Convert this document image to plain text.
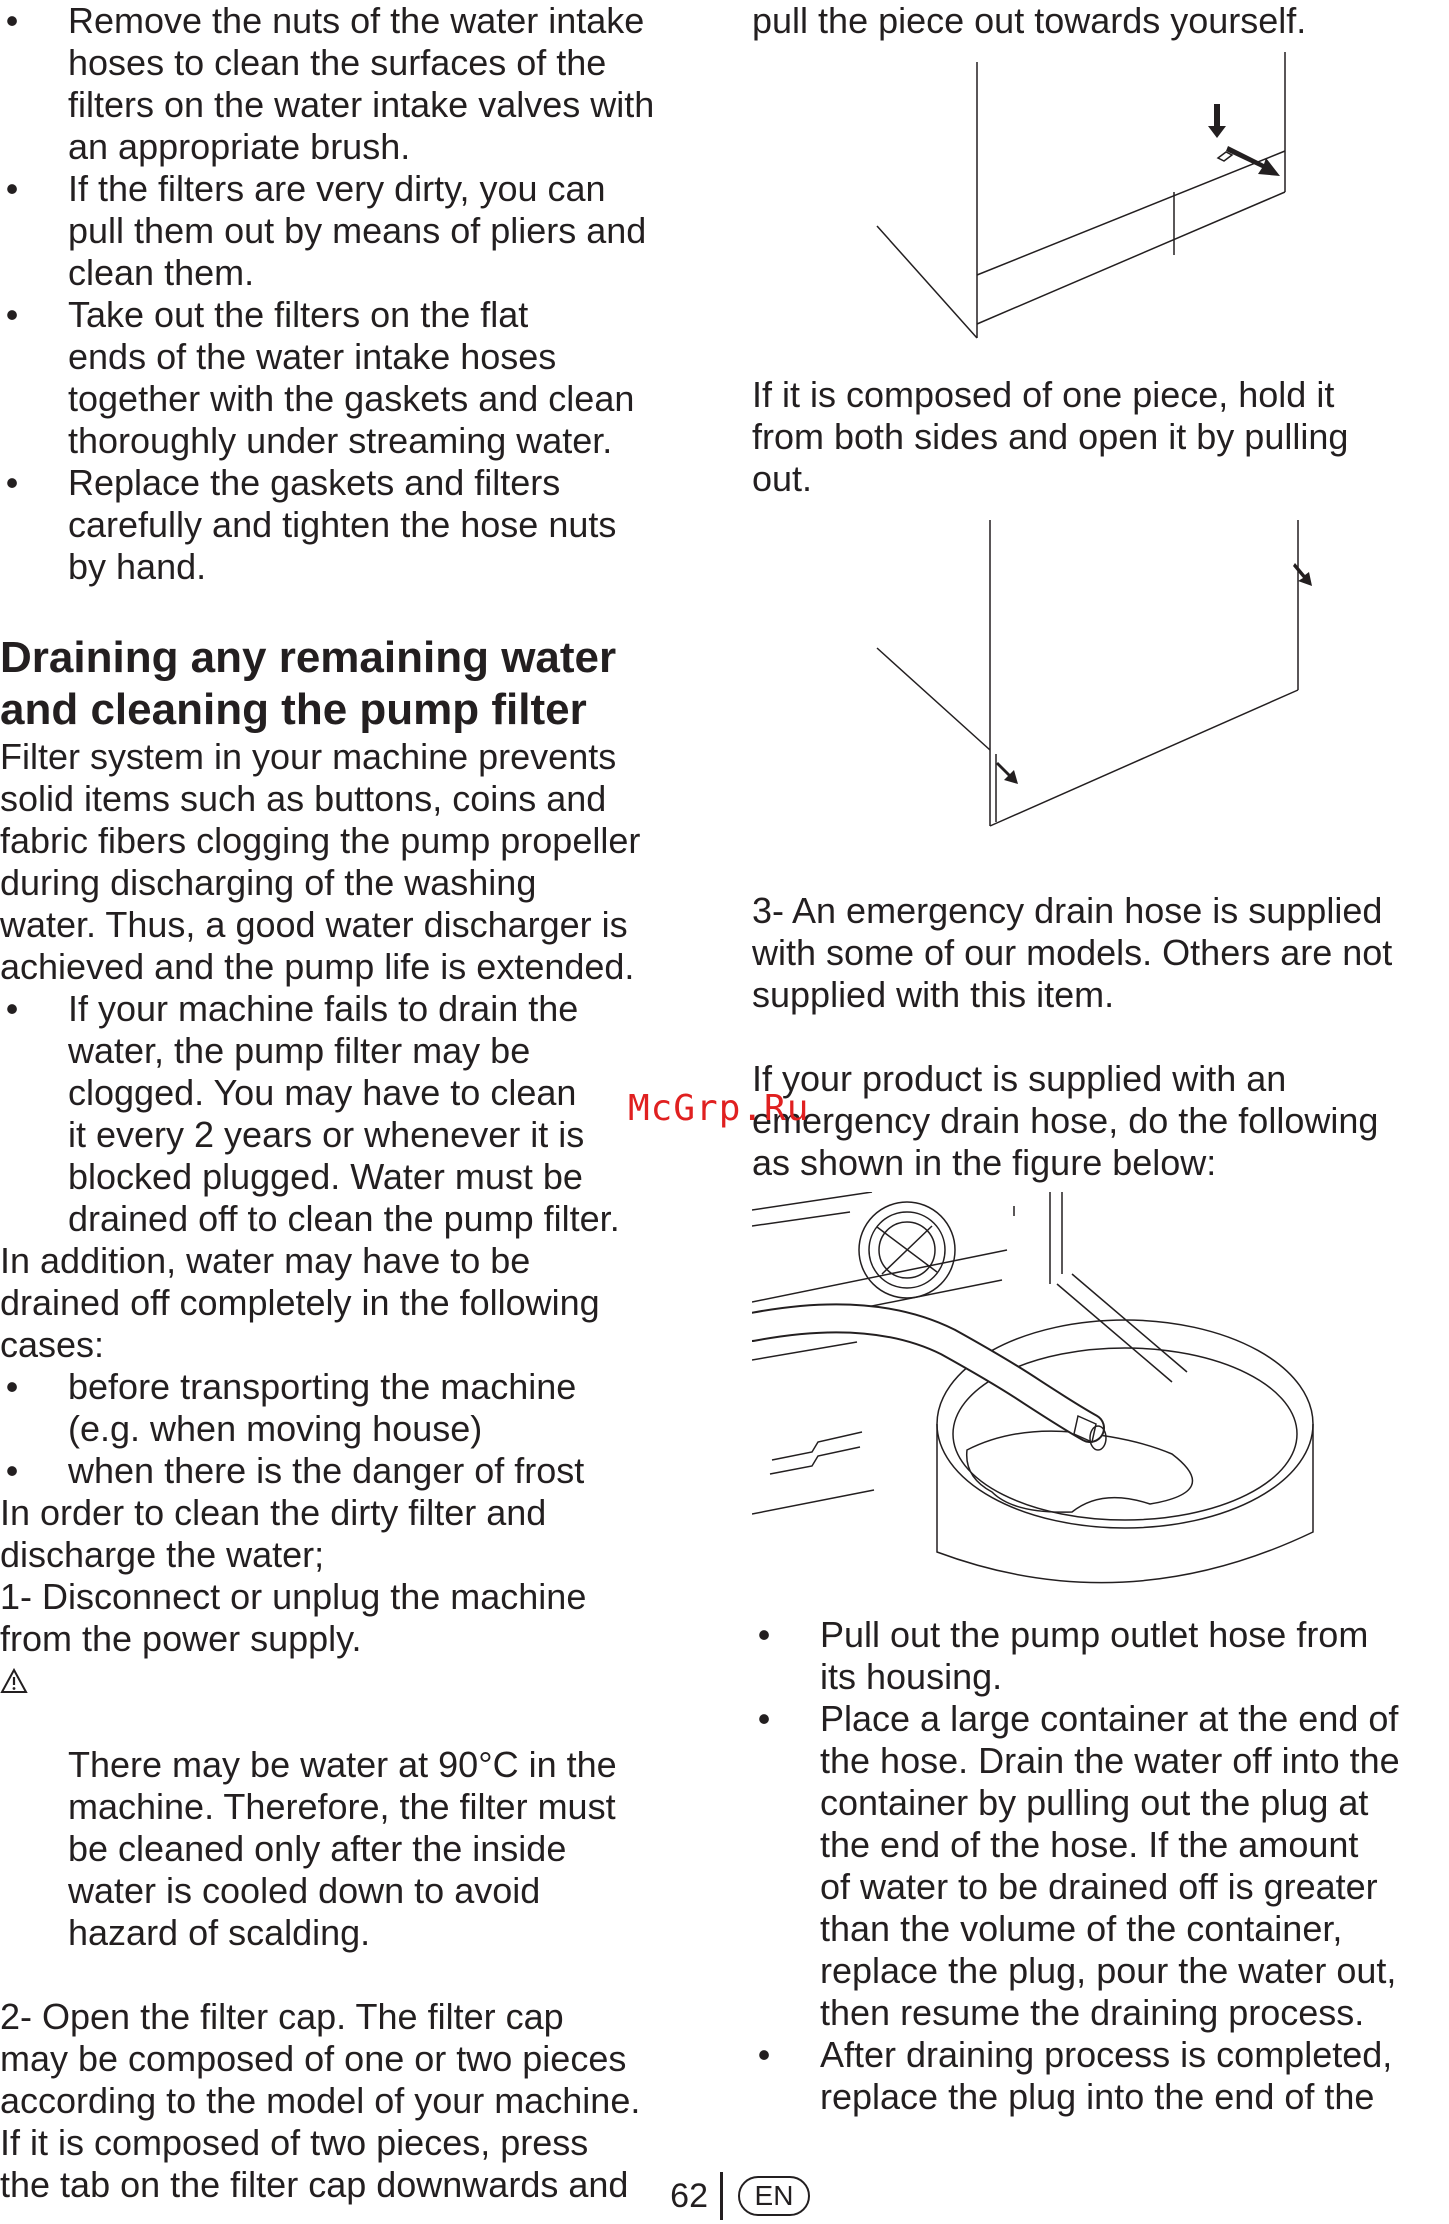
• Remove the nuts of the water intake
hoses to clean the surfaces of the
filters on the water intake valves with
an appropriate brush.
• If the filters are very dirty, you can
pull them out by means of pliers and
clean them.
• Take out the filters on the flat
ends of the water intake hoses
together with the gaskets and clean
thoroughly under streaming water.
• Replace the gaskets and filters
carefully and tighten the hose nuts
by hand.
Draining any remaining water
and cleaning the pump filter

Filter system in your machine prevents
solid items such as buttons, coins and
fabric fibers clogging the pump propeller
during discharging of the washing
water. Thus, a good water discharger is
achieved and the pump life is extended.

• If your machine fails to drain the
water, the pump filter may be
clogged. You may have to clean
it every 2 years or whenever it is
blocked plugged. Water must be
drained off to clean the pump filter.

In addition, water may have to be
drained off completely in the following
cases:

• before transporting the machine
(e.g. when moving house)
• when there is the danger of frost

In order to clean the dirty filter and
discharge the water;

1- Disconnect or unplug the machine
from the power supply.

There may be water at 90°C in the
machine. Therefore, the filter must
be cleaned only after the inside
water is cooled down to avoid
hazard of scalding.

2- Open the filter cap. The filter cap
may be composed of one or two pieces
according to the model of your machine.
If it is composed of two pieces, press
the tab on the filter cap downwards and

pull the piece out towards yourself.

If it is composed of one piece, hold it
from both sides and open it by pulling
out.

3- An emergency drain hose is supplied
with some of our models. Others are not
supplied with this item.

If your product is supplied with an
emergency drain hose, do the following
as shown in the figure below:

• Pull out the pump outlet hose from
its housing.
• Place a large container at the end of
the hose. Drain the water off into the
container by pulling out the plug at
the end of the hose. If the amount
of water to be drained off is greater
than the volume of the container,
replace the plug, pour the water out,
then resume the draining process.
• After draining process is completed,
replace the plug into the end of the
McGrp.Ru
62	EN
